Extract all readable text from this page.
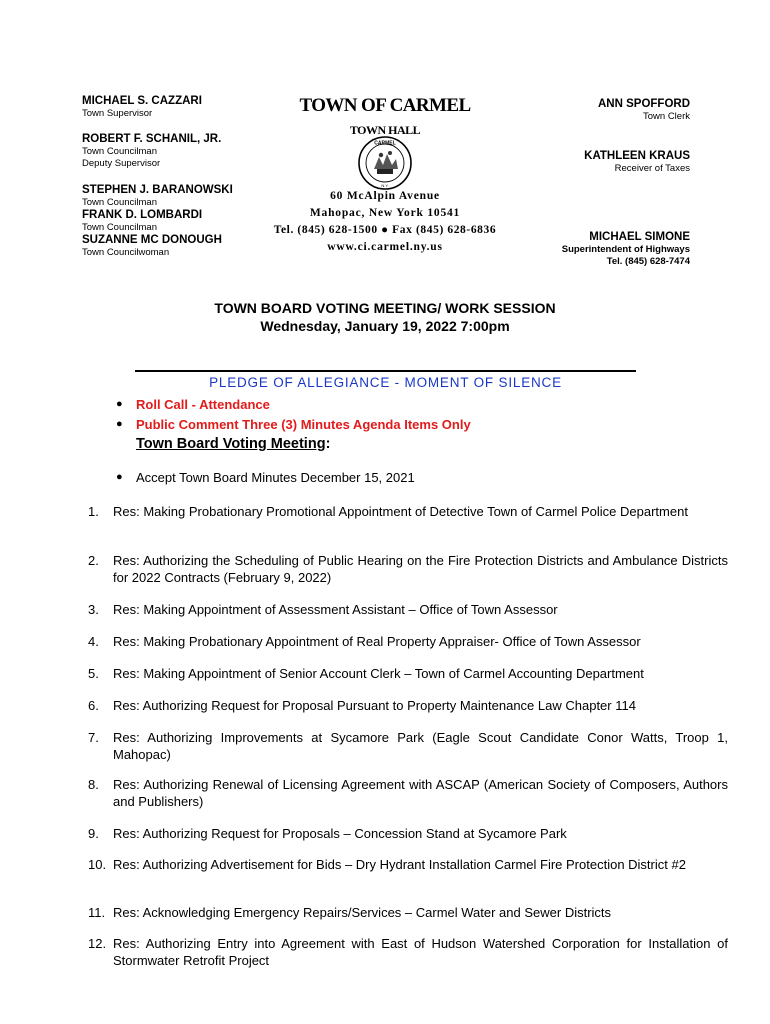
MICHAEL S. CAZZARI
Town Supervisor
ROBERT F. SCHANIL, JR.
Town Councilman
Deputy Supervisor
STEPHEN J. BARANOWSKI
Town Councilman
FRANK D. LOMBARDI
Town Councilman
SUZANNE MC DONOUGH
Town Councilwoman
TOWN OF CARMEL
TOWN HALL
CARMEL
N.Y.
60 McAlpin Avenue
Mahopac, New York 10541
Tel. (845) 628-1500 ● Fax (845) 628-6836
www.ci.carmel.ny.us
ANN SPOFFORD
Town Clerk
KATHLEEN KRAUS
Receiver of Taxes
MICHAEL SIMONE
Superintendent of Highways
Tel. (845) 628-7474
TOWN BOARD VOTING MEETING/ WORK SESSION
Wednesday, January 19, 2022 7:00pm
PLEDGE OF ALLEGIANCE - MOMENT OF SILENCE
● Roll Call - Attendance
● Public Comment Three (3) Minutes Agenda Items Only
Town Board Voting Meeting:
● Accept Town Board Minutes December 15, 2021
1. Res: Making Probationary Promotional Appointment of Detective Town of Carmel Police Department
2. Res: Authorizing the Scheduling of Public Hearing on the Fire Protection Districts and Ambulance Districts for 2022 Contracts (February 9, 2022)
3. Res: Making Appointment of Assessment Assistant – Office of Town Assessor
4. Res: Making Probationary Appointment of Real Property Appraiser- Office of Town Assessor
5. Res: Making Appointment of Senior Account Clerk – Town of Carmel Accounting Department
6. Res: Authorizing Request for Proposal Pursuant to Property Maintenance Law Chapter 114
7. Res: Authorizing Improvements at Sycamore Park (Eagle Scout Candidate Conor Watts, Troop 1, Mahopac)
8. Res: Authorizing Renewal of Licensing Agreement with ASCAP (American Society of Composers, Authors and Publishers)
9. Res: Authorizing Request for Proposals – Concession Stand at Sycamore Park
10. Res: Authorizing Advertisement for Bids – Dry Hydrant Installation Carmel Fire Protection District #2
11. Res: Acknowledging Emergency Repairs/Services – Carmel Water and Sewer Districts
12. Res: Authorizing Entry into Agreement with East of Hudson Watershed Corporation for Installation of Stormwater Retrofit Project
